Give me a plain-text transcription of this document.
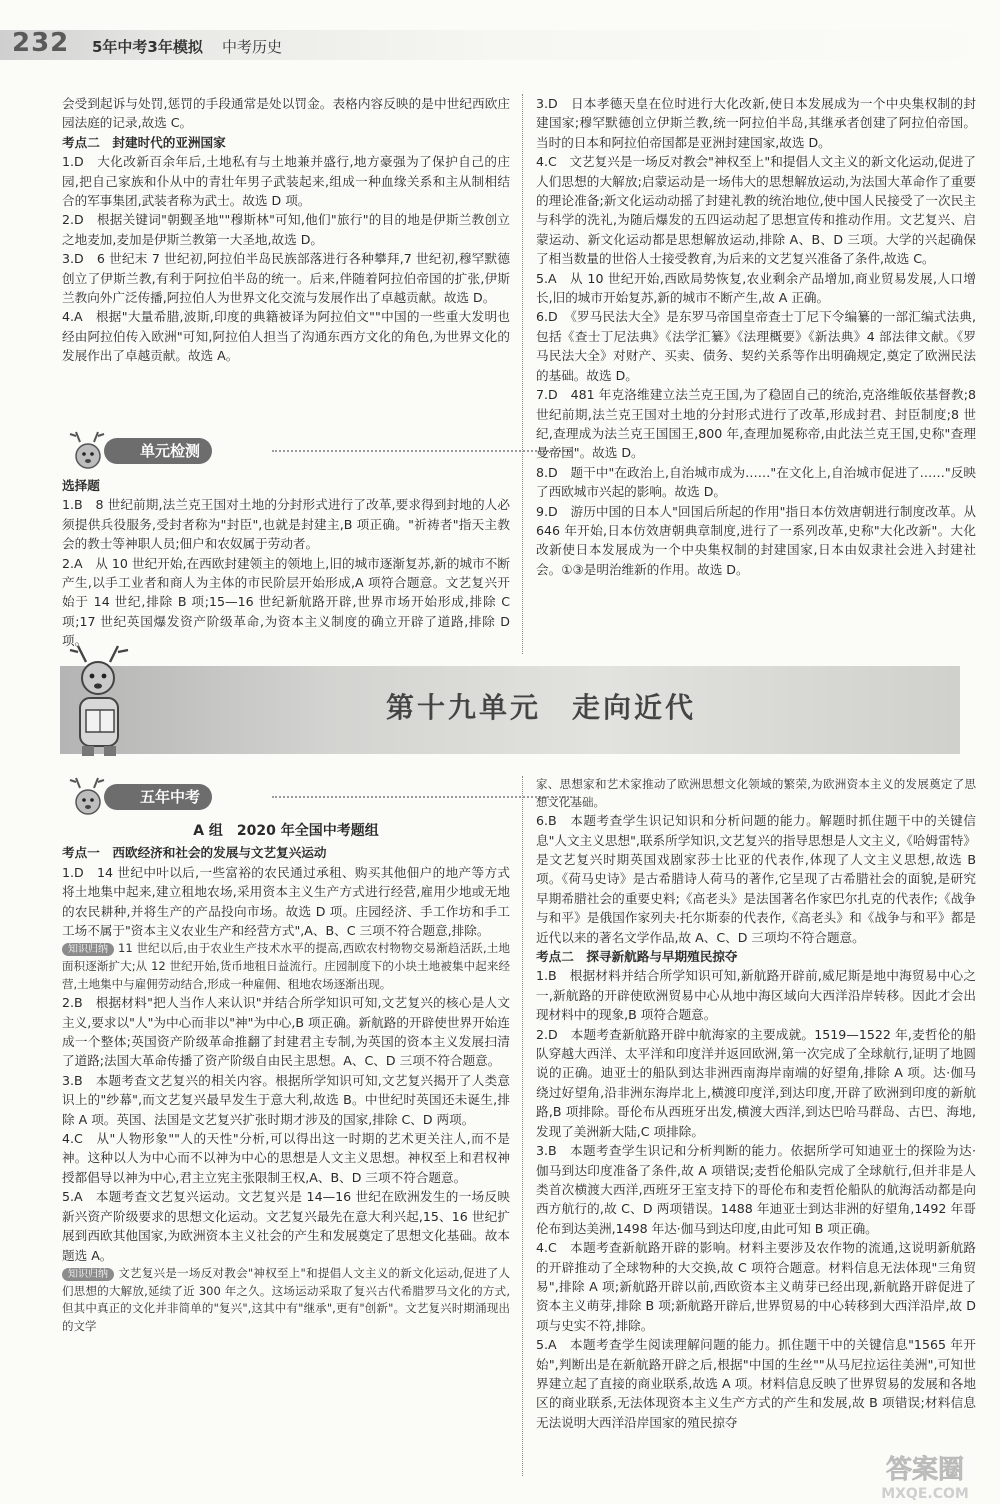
232 5年中考3年模拟 中考历史

会受到起诉与处罚,惩罚的手段通常是处以罚金。表格内容反映的是中世纪西欧庄园法庭的记录,故选 C。

考点二　封建时代的亚洲国家

1.D　大化改新百余年后,土地私有与土地兼并盛行,地方豪强为了保护自己的庄园,把自己家族和仆从中的青壮年男子武装起来,组成一种血缘关系和主从制相结合的军事集团,武装者称为武士。故选 D 项。

2.D　根据关键词"朝觐圣地""穆斯林"可知,他们"旅行"的目的地是伊斯兰教创立之地麦加,麦加是伊斯兰教第一大圣地,故选 D。

3.D　6 世纪末 7 世纪初,阿拉伯半岛民族部落进行各种攀拜,7 世纪初,穆罕默德创立了伊斯兰教,有利于阿拉伯半岛的统一。后来,伴随着阿拉伯帝国的扩张,伊斯兰教向外广泛传播,阿拉伯人为世界文化交流与发展作出了卓越贡献。故选 D。

4.A　根据"大量希腊,波斯,印度的典籍被译为阿拉伯文""中国的一些重大发明也经由阿拉伯传入欧洲"可知,阿拉伯人担当了沟通东西方文化的角色,为世界文化的发展作出了卓越贡献。故选 A。

单元检测

选择题

1.B　8 世纪前期,法兰克王国对土地的分封形式进行了改革,要求得到封地的人必须提供兵役服务,受封者称为"封臣",也就是封建主,B 项正确。"祈祷者"指天主教会的教士等神职人员;佃户和农奴属于劳动者。

2.A　从 10 世纪开始,在西欧封建领主的领地上,旧的城市逐渐复苏,新的城市不断产生,以手工业者和商人为主体的市民阶层开始形成,A 项符合题意。文艺复兴开始于 14 世纪,排除 B 项;15—16 世纪新航路开辟,世界市场开始形成,排除 C 项;17 世纪英国爆发资产阶级革命,为资本主义制度的确立开辟了道路,排除 D 项。

3.D　日本孝德天皇在位时进行大化改新,使日本发展成为一个中央集权制的封建国家;穆罕默德创立伊斯兰教,统一阿拉伯半岛,其继承者创建了阿拉伯帝国。当时的日本和阿拉伯帝国都是亚洲封建国家,故选 D。

4.C　文艺复兴是一场反对教会"神权至上"和提倡人文主义的新文化运动,促进了人们思想的大解放;启蒙运动是一场伟大的思想解放运动,为法国大革命作了重要的理论准备;新文化运动动摇了封建礼教的统治地位,使中国人民接受了一次民主与科学的洗礼,为随后爆发的五四运动起了思想宣传和推动作用。文艺复兴、启蒙运动、新文化运动都是思想解放运动,排除 A、B、D 三项。大学的兴起确保了相当数量的世俗人士接受教育,为后来的文艺复兴准备了条件,故选 C。

5.A　从 10 世纪开始,西欧局势恢复,农业剩余产品增加,商业贸易发展,人口增长,旧的城市开始复苏,新的城市不断产生,故 A 正确。

6.D　《罗马民法大全》是东罗马帝国皇帝查士丁尼下令编纂的一部汇编式法典,包括《查士丁尼法典》《法学汇纂》《法理概要》《新法典》4 部法律文献。《罗马民法大全》对财产、买卖、债务、契约关系等作出明确规定,奠定了欧洲民法的基础。故选 D。

7.D　481 年克洛维建立法兰克王国,为了稳固自己的统治,克洛维皈依基督教;8 世纪前期,法兰克王国对土地的分封形式进行了改革,形成封君、封臣制度;8 世纪,查理成为法兰克王国国王,800 年,查理加冕称帝,由此法兰克王国,史称"查理曼帝国"。故选 D。

8.D　题干中"在政治上,自治城市成为……"在文化上,自治城市促进了……"反映了西欧城市兴起的影响。故选 D。

9.D　游历中国的日本人"回国后所起的作用"指日本仿效唐朝进行制度改革。从 646 年开始,日本仿效唐朝典章制度,进行了一系列改革,史称"大化改新"。大化改新使日本发展成为一个中央集权制的封建国家,日本由奴隶社会进入封建社会。①③是明治维新的作用。故选 D。

第十九单元　走向近代
五年中考

A 组　2020 年全国中考题组

考点一　西欧经济和社会的发展与文艺复兴运动

1.D　14 世纪中叶以后,一些富裕的农民通过承租、购买其他佃户的地产等方式将土地集中起来,建立租地农场,采用资本主义生产方式进行经营,雇用少地或无地的农民耕种,并将生产的产品投向市场。故选 D 项。庄园经济、手工作坊和手工工场不属于"资本主义农业生产和经营方式",A、B、C 三项不符合题意,排除。

知识归纳 11 世纪以后,由于农业生产技术水平的提高,西欧农村物物交易渐趋活跃,土地面积逐渐扩大;从 12 世纪开始,货币地租日益流行。庄园制度下的小块土地被集中起来经营,土地集中与雇佣劳动结合,形成一种雇佣、租地农场逐渐出现。

2.B　根据材料"把人当作人来认识"并结合所学知识可知,文艺复兴的核心是人文主义,要求以"人"为中心而非以"神"为中心,B 项正确。新航路的开辟使世界开始连成一个整体;英国资产阶级革命推翻了封建君主专制,为英国的资本主义发展扫清了道路;法国大革命传播了资产阶级自由民主思想。A、C、D 三项不符合题意。

3.B　本题考查文艺复兴的相关内容。根据所学知识可知,文艺复兴揭开了人类意识上的"纱幕",而文艺复兴最早发生于意大利,故选 B。中世纪时英国还未诞生,排除 A 项。英国、法国是文艺复兴扩张时期才涉及的国家,排除 C、D 两项。

4.C　从"人物形象""人的天性"分析,可以得出这一时期的艺术更关注人,而不是神。这种以人为中心而不以神为中心的思想是人文主义思想。神权至上和君权神授都倡导以神为中心,君主立宪主张限制王权,A、B、D 三项不符合题意。

5.A　本题考查文艺复兴运动。文艺复兴是 14—16 世纪在欧洲发生的一场反映新兴资产阶级要求的思想文化运动。文艺复兴最先在意大利兴起,15、16 世纪扩展到西欧其他国家,为欧洲资本主义社会的产生和发展奠定了思想文化基础。故本题选 A。

知识归纳 文艺复兴是一场反对教会"神权至上"和提倡人文主义的新文化运动,促进了人们思想的大解放,延续了近 300 年之久。这场运动采取了复兴古代希腊罗马文化的方式,但其中真正的文化并非简单的"复兴",这其中有"继承",更有"创新"。文艺复兴时期涌现出的文学

家、思想家和艺术家推动了欧洲思想文化领域的繁荣,为欧洲资本主义的发展奠定了思想文化基础。

6.B　本题考查学生识记知识和分析问题的能力。解题时抓住题干中的关键信息"人文主义思想",联系所学知识,文艺复兴的指导思想是人文主义,《哈姆雷特》是文艺复兴时期英国戏剧家莎士比亚的代表作,体现了人文主义思想,故选 B 项。《荷马史诗》是古希腊诗人荷马的著作,它呈现了古希腊社会的面貌,是研究早期希腊社会的重要史料;《高老头》是法国著名作家巴尔扎克的代表作;《战争与和平》是俄国作家列夫·托尔斯泰的代表作,《高老头》和《战争与和平》都是近代以来的著名文学作品,故 A、C、D 三项均不符合题意。

考点二　探寻新航路与早期殖民掠夺

1.B　根据材料并结合所学知识可知,新航路开辟前,威尼斯是地中海贸易中心之一,新航路的开辟使欧洲贸易中心从地中海区域向大西洋沿岸转移。因此才会出现材料中的现象,B 项符合题意。

2.D　本题考查新航路开辟中航海家的主要成就。1519—1522 年,麦哲伦的船队穿越大西洋、太平洋和印度洋并返回欧洲,第一次完成了全球航行,证明了地圆说的正确。迪亚士的船队到达非洲西南海岸南端的好望角,排除 A 项。达·伽马绕过好望角,沿非洲东海岸北上,横渡印度洋,到达印度,开辟了欧洲到印度的新航路,B 项排除。哥伦布从西班牙出发,横渡大西洋,到达巴哈马群岛、古巴、海地,发现了美洲新大陆,C 项排除。

3.B　本题考查学生识记和分析判断的能力。依据所学可知迪亚士的探险为达·伽马到达印度准备了条件,故 A 项错误;麦哲伦船队完成了全球航行,但并非是人类首次横渡大西洋,西班牙王室支持下的哥伦布和麦哲伦船队的航海活动都是向西方航行的,故 C、D 两项错误。1488 年迪亚士到达非洲的好望角,1492 年哥伦布到达美洲,1498 年达·伽马到达印度,由此可知 B 项正确。

4.C　本题考查新航路开辟的影响。材料主要涉及农作物的流通,这说明新航路的开辟推动了全球物种的大交换,故 C 项符合题意。材料信息无法体现"三角贸易",排除 A 项;新航路开辟以前,西欧资本主义萌芽已经出现,新航路开辟促进了资本主义萌芽,排除 B 项;新航路开辟后,世界贸易的中心转移到大西洋沿岸,故 D 项与史实不符,排除。

5.A　本题考查学生阅读理解问题的能力。抓住题干中的关键信息"1565 年开始",判断出是在新航路开辟之后,根据"中国的生丝""从马尼拉运往美洲",可知世界建立起了直接的商业联系,故选 A 项。材料信息反映了世界贸易的发展和各地区的商业联系,无法体现资本主义生产方式的产生和发展,故 B 项错误;材料信息无法说明大西洋沿岸国家的殖民掠夺

答案圈
MXQE.COM
